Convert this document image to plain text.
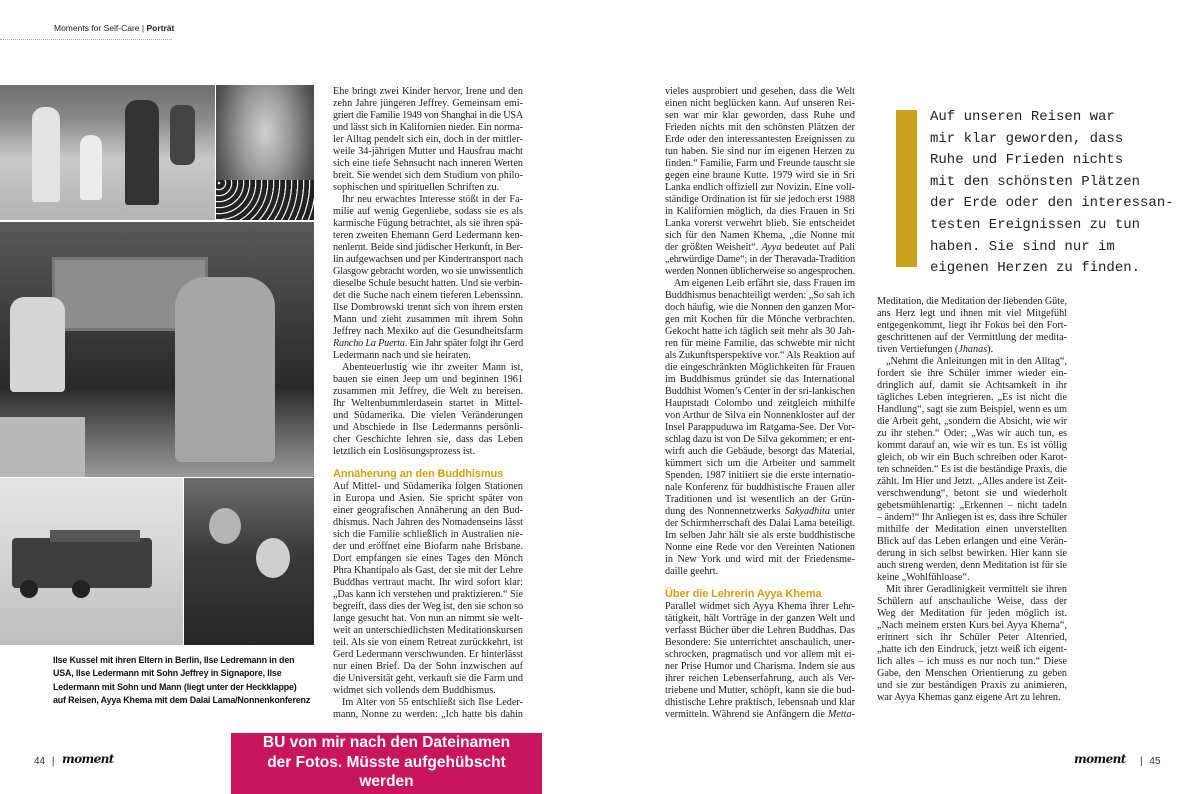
Moments for Self-Care | Porträt
Ilse Kussel mit ihren Eltern in Berlin, Ilse Ledremann in den
USA, Ilse Ledermann mit Sohn Jeffrey in Signapore, Ilse
Ledermann mit Sohn und Mann (liegt unter der Heckklappe)
auf Reisen, Ayya Khema mit dem Dalai Lama/Nonnenkonferenz
Ehe bringt zwei Kinder hervor, Irene und den
zehn Jahre jüngeren Jeffrey. Gemeinsam emi-
griert die Familie 1949 von Shanghai in die USA
und lässt sich in Kalifornien nieder. Ein norma-
ler Alltag pendelt sich ein, doch in der mittler-
weile 34-jährigen Mutter und Hausfrau macht
sich eine tiefe Sehnsucht nach inneren Werten
breit. Sie wendet sich dem Studium von philo-
sophischen und spirituellen Schriften zu.
Ihr neu erwachtes Interesse stößt in der Fa-
milie auf wenig Gegenliebe, sodass sie es als
karmische Fügung betrachtet, als sie ihren spä-
teren zweiten Ehemann Gerd Ledermann ken-
nenlernt. Beide sind jüdischer Herkunft, in Ber-
lin aufgewachsen und per Kindertransport nach
Glasgow gebracht worden, wo sie unwissentlich
dieselbe Schule besucht hatten. Und sie verbin-
det die Suche nach einem tieferen Lebenssinn.
Ilse Dombrowski trennt sich von ihrem ersten
Mann und zieht zusammen mit ihrem Sohn
Jeffrey nach Mexiko auf die Gesundheitsfarm
Rancho La Puerta. Ein Jahr später folgt ihr Gerd
Ledermann nach und sie heiraten.
Abenteuerlustig wie ihr zweiter Mann ist,
bauen sie einen Jeep um und beginnen 1961
zusammen mit Jeffrey, die Welt zu bereisen.
Ihr Weltenbummlerdasein startet in Mittel-
und Südamerika. Die vielen Veränderungen
und Abschiede in Ilse Ledermanns persönli-
cher Geschichte lehren sie, dass das Leben
letztlich ein Loslösungsprozess ist.
Annäherung an den Buddhismus
Auf Mittel- und Südamerika folgen Stationen
in Europa und Asien. Sie spricht später von
einer geografischen Annäherung an den Bud-
dhismus. Nach Jahren des Nomadenseins lässt
sich die Familie schließlich in Australien nie-
der und eröffnet eine Biofarm nahe Brisbane.
Dort empfangen sie eines Tages den Mönch
Phra Khantipalo als Gast, der sie mit der Lehre
Buddhas vertraut macht. Ihr wird sofort klar:
„Das kann ich verstehen und praktizieren.“ Sie
begreift, dass dies der Weg ist, den sie schon so
lange gesucht hat. Von nun an nimmt sie welt-
weit an unterschiedlichsten Meditationskursen
teil. Als sie von einem Retreat zurückkehrt, ist
Gerd Ledermann verschwunden. Er hinterlässt
nur einen Brief. Da der Sohn inzwischen auf
die Universität geht, verkauft sie die Farm und
widmet sich vollends dem Buddhismus.
Im Alter von 55 entschließt sich Ilse Leder-
mann, Nonne zu werden: „Ich hatte bis dahin
vieles ausprobiert und gesehen, dass die Welt
einen nicht beglücken kann. Auf unseren Rei-
sen war mir klar geworden, dass Ruhe und
Frieden nichts mit den schönsten Plätzen der
Erde oder den interessantesten Ereignissen zu
tun haben. Sie sind nur im eigenen Herzen zu
finden.“ Familie, Farm und Freunde tauscht sie
gegen eine braune Kutte. 1979 wird sie in Sri
Lanka endlich offiziell zur Novizin. Eine voll-
ständige Ordination ist für sie jedoch erst 1988
in Kalifornien möglich, da dies Frauen in Sri
Lanka vorerst verwehrt blieb. Sie entscheidet
sich für den Namen Khema, „die Nonne mit
der größten Weisheit“. Ayya bedeutet auf Pali
„ehrwürdige Dame“; in der Theravada-Tradition
werden Nonnen üblicherweise so angesprochen.
Am eigenen Leib erfährt sie, dass Frauen im
Buddhismus benachteiligt werden: „So sah ich
doch häufig, wie die Nonnen den ganzen Mor-
gen mit Kochen für die Mönche verbrachten.
Gekocht hatte ich täglich seit mehr als 30 Jah-
ren für meine Familie, das schwebte mir nicht
als Zukunftsperspektive vor.“ Als Reaktion auf
die eingeschränkten Möglichkeiten für Frauen
im Buddhismus gründet sie das International
Buddhist Women’s Center in der sri-lankischen
Hauptstadt Colombo und zeitgleich mithilfe
von Arthur de Silva ein Nonnenkloster auf der
Insel Parappuduwa im Ratgama-See. Der Vor-
schlag dazu ist von De Silva gekommen; er ent-
wirft auch die Gebäude, besorgt das Material,
kümmert sich um die Arbeiter und sammelt
Spenden. 1987 initiiert sie die erste internatio-
nale Konferenz für buddhistische Frauen aller
Traditionen und ist wesentlich an der Grün-
dung des Nonnennetzwerks Sakyadhita unter
der Schirmherrschaft des Dalai Lama beteiligt.
Im selben Jahr hält sie als erste buddhistische
Nonne eine Rede vor den Vereinten Nationen
in New York und wird mit der Friedensme-
daille geehrt.
Über die Lehrerin Ayya Khema
Parallel widmet sich Ayya Khema ihrer Lehr-
tätigkeit, hält Vorträge in der ganzen Welt und
verfasst Bücher über die Lehren Buddhas. Das
Besondere: Sie unterrichtet anschaulich, uner-
schrocken, pragmatisch und vor allem mit ei-
ner Prise Humor und Charisma. Indem sie aus
ihrer reichen Lebenserfahrung, auch als Ver-
triebene und Mutter, schöpft, kann sie die bud-
dhistische Lehre praktisch, lebensnah und klar
vermitteln. Während sie Anfängern die Metta-
Meditation, die Meditation der liebenden Güte,
ans Herz legt und ihnen mit viel Mitgefühl
entgegenkommt, liegt ihr Fokus bei den Fort-
geschrittenen auf der Vermittlung der medita-
tiven Vertiefungen (Jhanas).
„Nehmt die Anleitungen mit in den Alltag“,
fordert sie ihre Schüler immer wieder ein-
dringlich auf, damit sie Achtsamkeit in ihr
tägliches Leben integrieren. „Es ist nicht die
Handlung“, sagt sie zum Beispiel, wenn es um
die Arbeit geht, „sondern die Absicht, wie wir
zu ihr stehen.“ Oder: „Was wir auch tun, es
kommt darauf an, wie wir es tun. Es ist völlig
gleich, ob wir ein Buch schreiben oder Karot-
ten schneiden.“ Es ist die beständige Praxis, die
zählt. Im Hier und Jetzt. „Alles andere ist Zeit-
verschwendung“, betont sie und wiederholt
gebetsmühlenartig: „Erkennen – nicht tadeln
– ändern!“ Ihr Anliegen ist es, dass ihre Schüler
mithilfe der Meditation einen unverstellten
Blick auf das Leben erlangen und eine Verän-
derung in sich selbst bewirken. Hier kann sie
auch streng werden, denn Meditation ist für sie
keine „Wohlfühloase“.
Mit ihrer Geradlinigkeit vermittelt sie ihren
Schülern auf anschauliche Weise, dass der
Weg der Meditation für jeden möglich ist.
„Nach meinem ersten Kurs bei Ayya Khema“,
erinnert sich ihr Schüler Peter Altenried,
„hatte ich den Eindruck, jetzt weiß ich eigent-
lich alles – ich muss es nur noch tun.“ Diese
Gabe, den Menschen Orientierung zu geben
und sie zur beständigen Praxis zu animieren,
war Ayya Khemas ganz eigene Art zu lehren.
Auf unseren Reisen war
mir klar geworden, dass
Ruhe und Frieden nichts
mit den schönsten Plätzen
der Erde oder den interessan-
testen Ereignissen zu tun
haben. Sie sind nur im
eigenen Herzen zu finden.
44 | moment	moment | 45
BU von mir nach den Dateinamen
der Fotos. Müsste aufgehübscht
werden
